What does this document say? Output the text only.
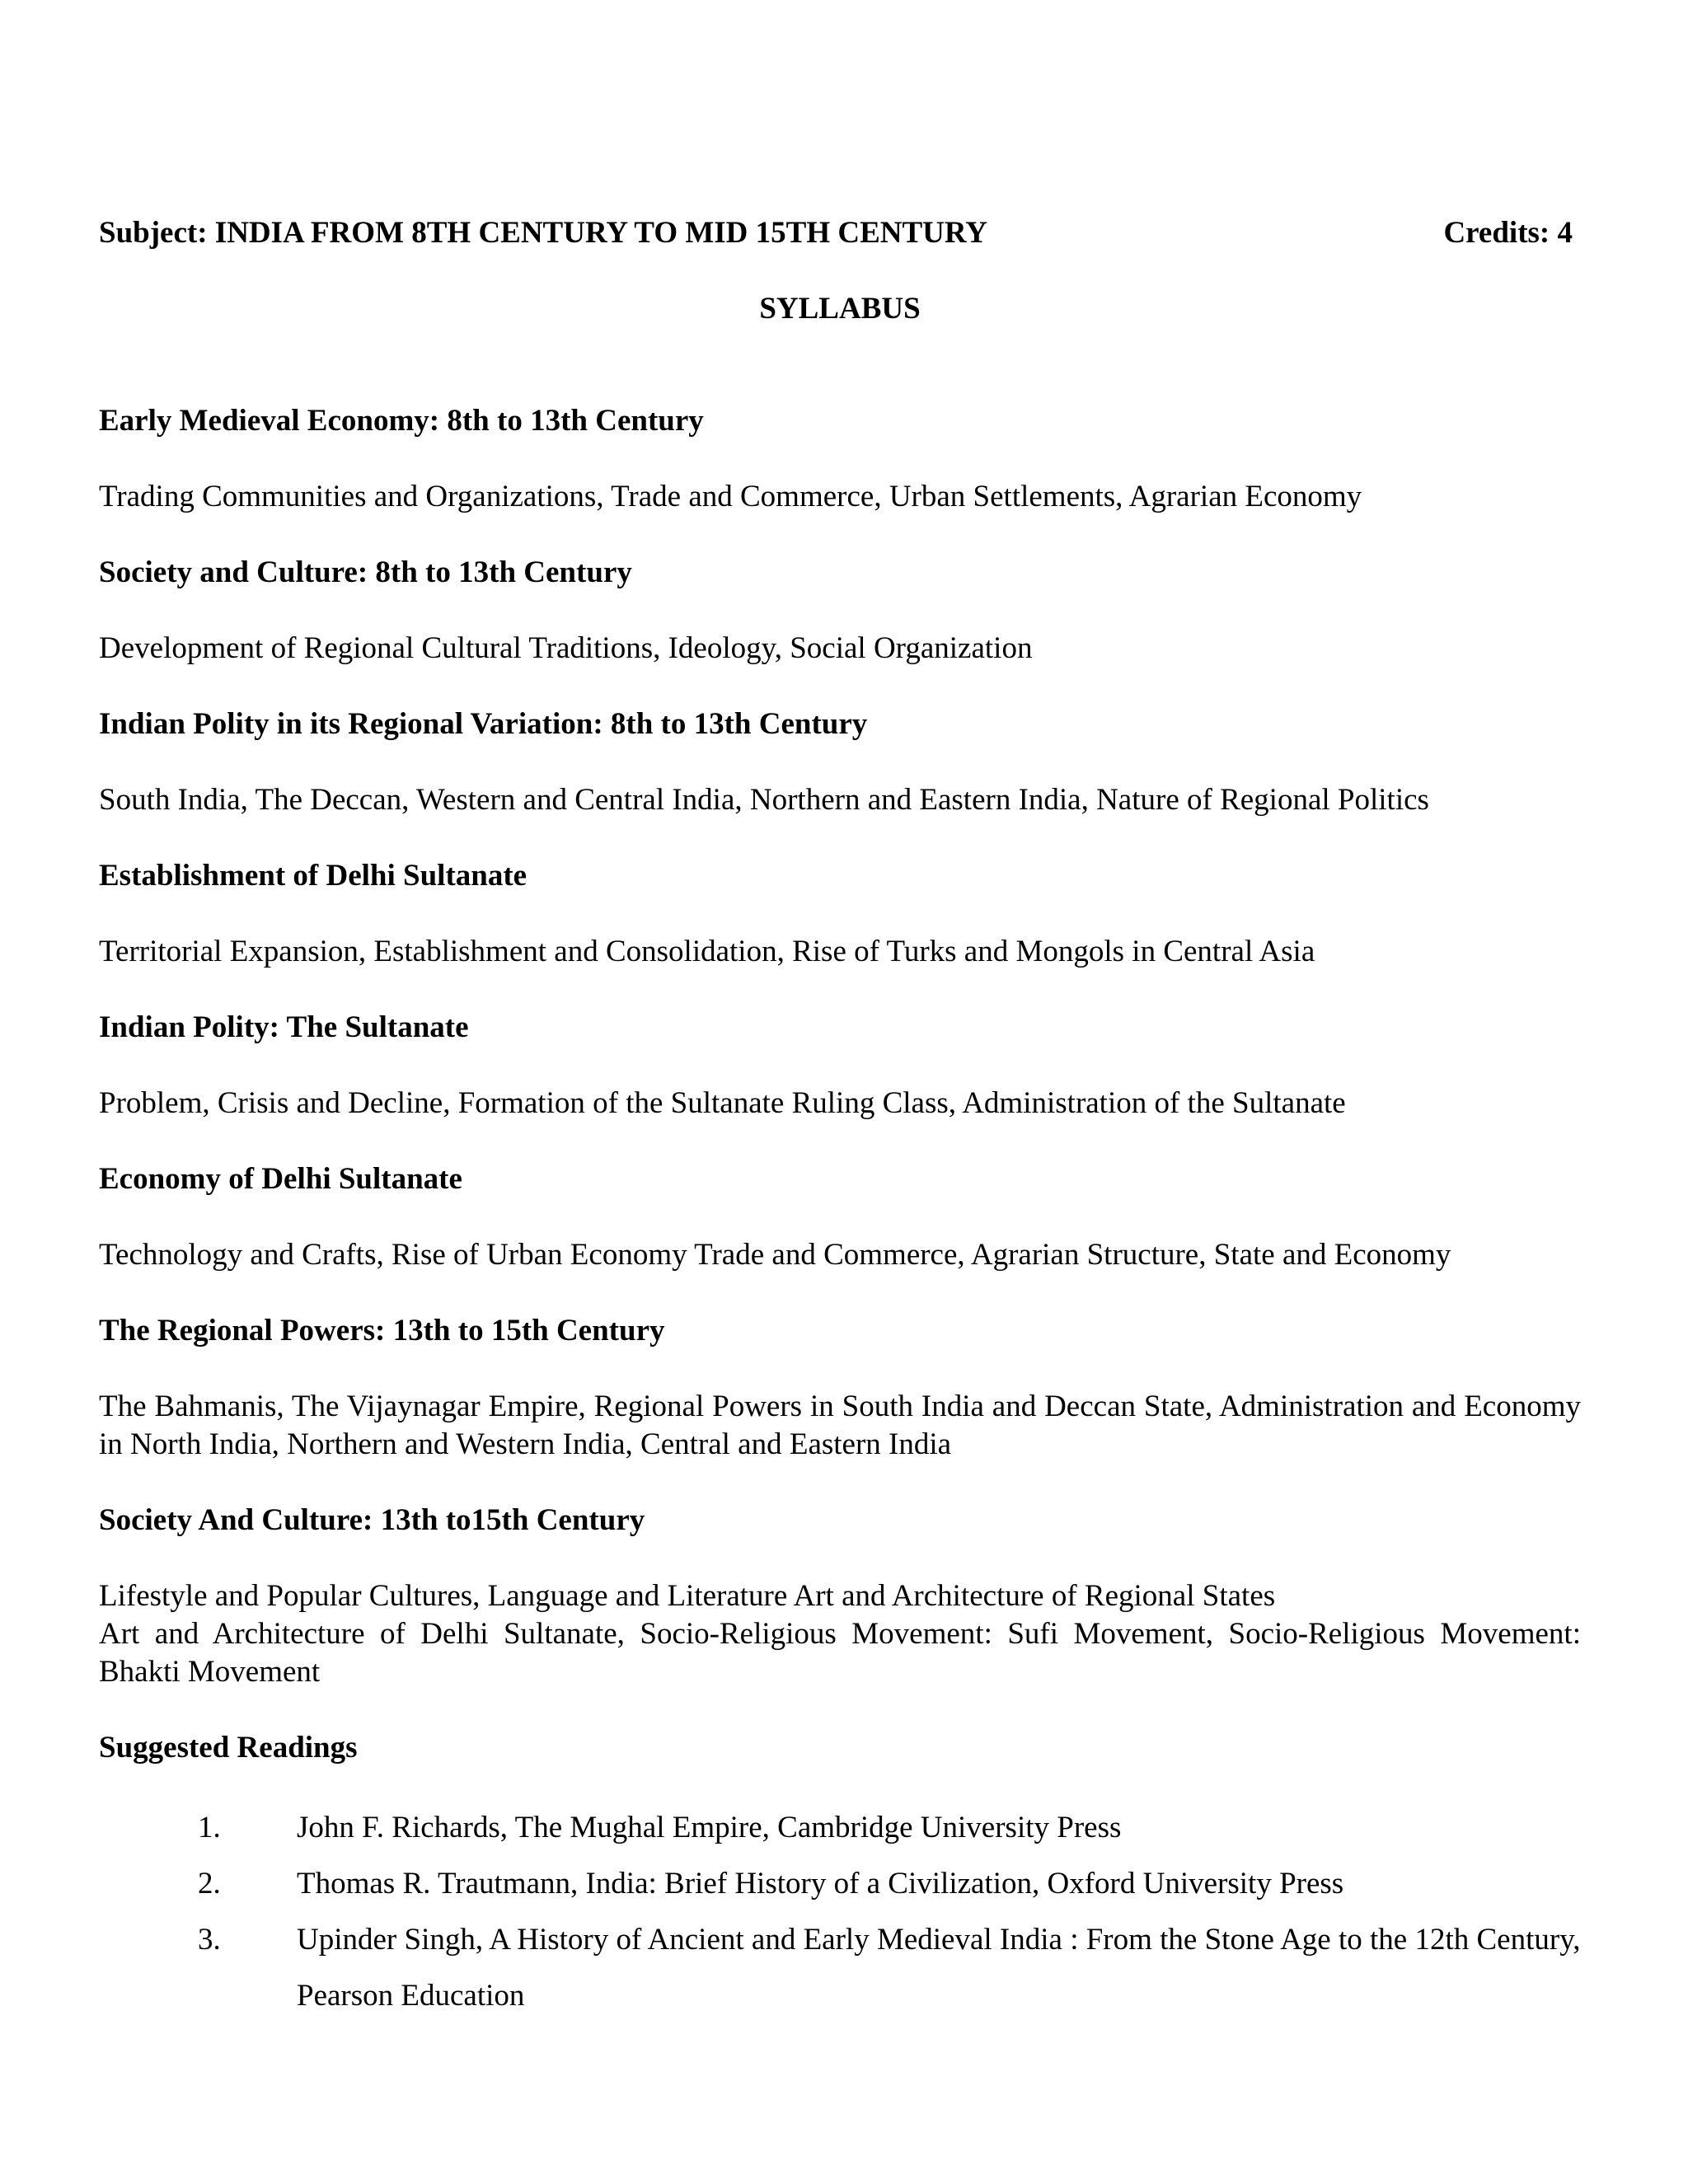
Subject: INDIA FROM 8TH CENTURY TO MID 15TH CENTURY	Credits: 4
SYLLABUS
Early Medieval Economy: 8th to 13th Century
Trading Communities and Organizations, Trade and Commerce, Urban Settlements, Agrarian Economy
Society and Culture: 8th to 13th Century
Development of Regional Cultural Traditions, Ideology, Social Organization
Indian Polity in its Regional Variation: 8th to 13th Century
South India, The Deccan, Western and Central India, Northern and Eastern India, Nature of Regional Politics
Establishment of Delhi Sultanate
Territorial Expansion, Establishment and Consolidation, Rise of Turks and Mongols in Central Asia
Indian Polity: The Sultanate
Problem, Crisis and Decline, Formation of the Sultanate Ruling Class, Administration of the Sultanate
Economy of Delhi Sultanate
Technology and Crafts, Rise of Urban Economy Trade and Commerce, Agrarian Structure, State and Economy
The Regional Powers: 13th to 15th Century
The Bahmanis, The Vijaynagar Empire, Regional Powers in South India and Deccan State, Administration and Economy in North India, Northern and Western India, Central and Eastern India
Society And Culture: 13th to15th Century
Lifestyle and Popular Cultures, Language and Literature Art and Architecture of Regional States
Art and Architecture of Delhi Sultanate, Socio-Religious Movement: Sufi Movement, Socio-Religious Movement: Bhakti Movement
Suggested Readings
1. John F. Richards, The Mughal Empire, Cambridge University Press
2. Thomas R. Trautmann, India: Brief History of a Civilization, Oxford University Press
3. Upinder Singh, A History of Ancient and Early Medieval India : From the Stone Age to the 12th Century, Pearson Education
